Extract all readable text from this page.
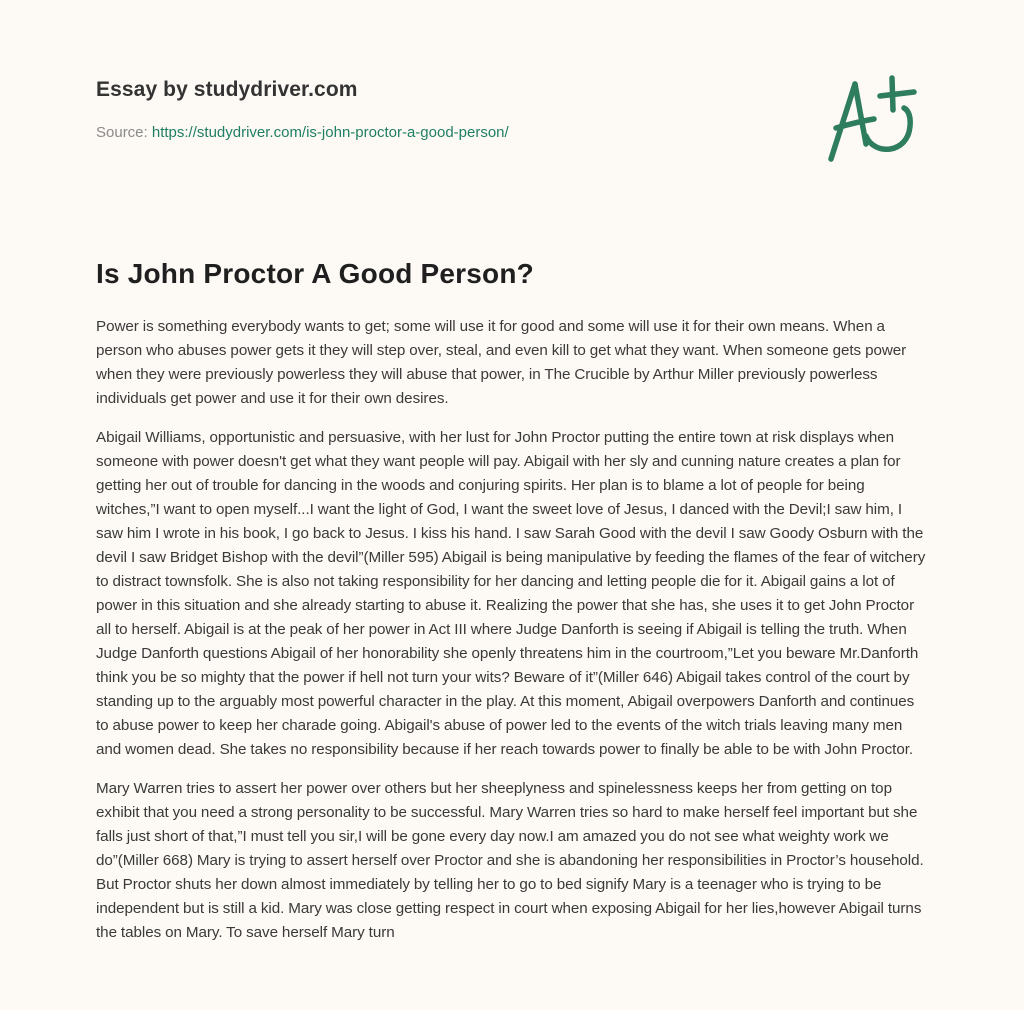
Essay by studydriver.com
Source: https://studydriver.com/is-john-proctor-a-good-person/
Is John Proctor A Good Person?

Power is something everybody wants to get; some will use it for good and some will use it for their own means. When a person who abuses power gets it they will step over, steal, and even kill to get what they want. When someone gets power when they were previously powerless they will abuse that power, in The Crucible by Arthur Miller previously powerless individuals get power and use it for their own desires.

Abigail Williams, opportunistic and persuasive, with her lust for John Proctor putting the entire town at risk displays when someone with power doesn't get what they want people will pay. Abigail with her sly and cunning nature creates a plan for getting her out of trouble for dancing in the woods and conjuring spirits. Her plan is to blame a lot of people for being witches,”I want to open myself...I want the light of God, I want the sweet love of Jesus, I danced with the Devil;I saw him, I saw him I wrote in his book, I go back to Jesus. I kiss his hand. I saw Sarah Good with the devil I saw Goody Osburn with the devil I saw Bridget Bishop with the devil”(Miller 595) Abigail is being manipulative by feeding the flames of the fear of witchery to distract townsfolk. She is also not taking responsibility for her dancing and letting people die for it. Abigail gains a lot of power in this situation and she already starting to abuse it. Realizing the power that she has, she uses it to get John Proctor all to herself. Abigail is at the peak of her power in Act III where Judge Danforth is seeing if Abigail is telling the truth. When Judge Danforth questions Abigail of her honorability she openly threatens him in the courtroom,”Let you beware Mr.Danforth think you be so mighty that the power if hell not turn your wits? Beware of it”(Miller 646) Abigail takes control of the court by standing up to the arguably most powerful character in the play. At this moment, Abigail overpowers Danforth and continues to abuse power to keep her charade going. Abigail's abuse of power led to the events of the witch trials leaving many men and women dead. She takes no responsibility because if her reach towards power to finally be able to be with John Proctor.

Mary Warren tries to assert her power over others but her sheeplyness and spinelessness keeps her from getting on top exhibit that you need a strong personality to be successful. Mary Warren tries so hard to make herself feel important but she falls just short of that,”I must tell you sir,I will be gone every day now.I am amazed you do not see what weighty work we do”(Miller 668) Mary is trying to assert herself over Proctor and she is abandoning her responsibilities in Proctor’s household. But Proctor shuts her down almost immediately by telling her to go to bed signify Mary is a teenager who is trying to be independent but is still a kid. Mary was close getting respect in court when exposing Abigail for her lies,however Abigail turns the tables on Mary. To save herself Mary turn
